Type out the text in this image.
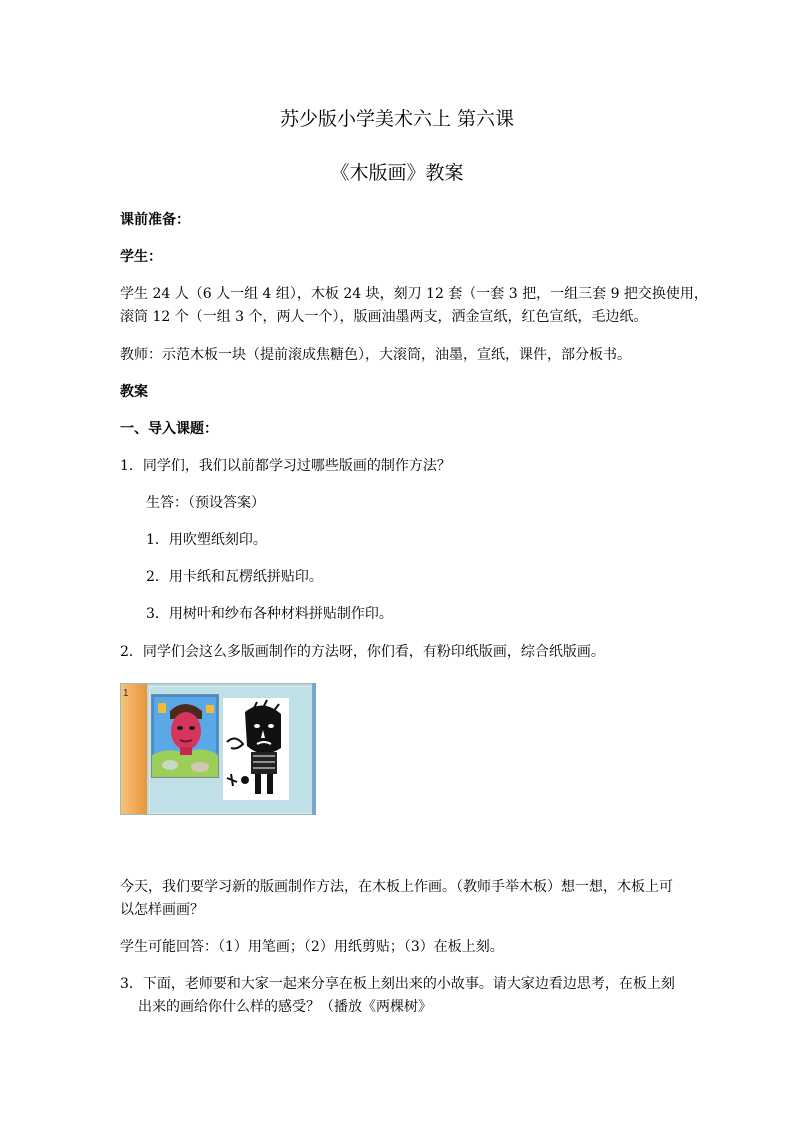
苏少版小学美术六上 第六课
《木版画》教案
课前准备：
学生：
学生 24 人（6 人一组 4 组），木板 24 块，刻刀 12 套（一套 3 把，一组三套 9 把交换使用，
滚筒 12 个（一组 3 个，两人一个），版画油墨两支，洒金宣纸，红色宣纸，毛边纸。
教师：示范木板一块（提前滚成焦糖色），大滚筒，油墨，宣纸，课件，部分板书。
教案
一、导入课题：
1．同学们，我们以前都学习过哪些版画的制作方法？
生答：（预设答案）
1．用吹塑纸刻印。
2．用卡纸和瓦楞纸拼贴印。
3．用树叶和纱布各种材料拼贴制作印。
2．同学们会这么多版画制作的方法呀，你们看，有粉印纸版画，综合纸版画。
1
今天，我们要学习新的版画制作方法，在木板上作画。（教师手举木板）想一想，木板上可
以怎样画画？
学生可能回答：（1）用笔画；（2）用纸剪贴；（3）在板上刻。
3．下面，老师要和大家一起来分享在板上刻出来的小故事。请大家边看边思考，在板上刻
出来的画给你什么样的感受？（播放《两棵树》
